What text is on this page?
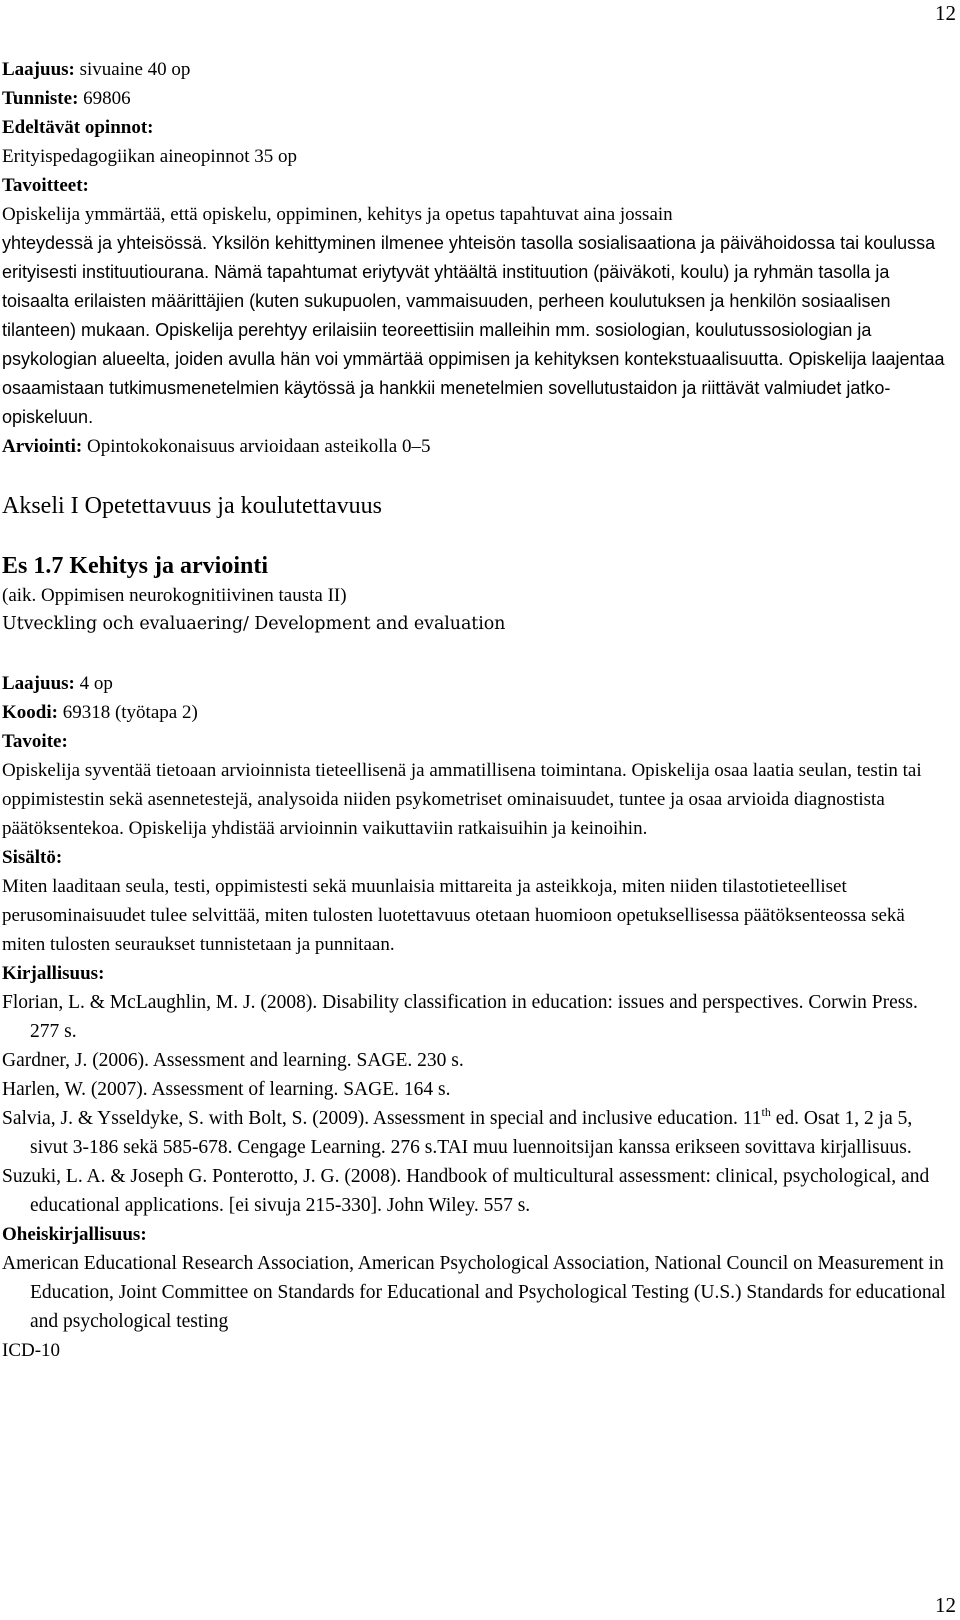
12

Laajuus: sivuaine 40 op

Tunniste: 69806

Edeltävät opinnot:

Erityispedagogiikan aineopinnot 35 op

Tavoitteet:

Opiskelija ymmärtää, että opiskelu, oppiminen, kehitys ja opetus tapahtuvat aina jossain

yhteydessä ja yhteisössä. Yksilön kehittyminen ilmenee yhteisön tasolla sosialisaationa ja päivähoidossa tai koulussa erityisesti instituutiourana. Nämä tapahtumat eriytyvät yhtäältä instituution (päiväkoti, koulu) ja ryhmän tasolla ja toisaalta erilaisten määrittäjien (kuten sukupuolen, vammaisuuden, perheen koulutuksen ja henkilön sosiaalisen tilanteen) mukaan. Opiskelija perehtyy erilaisiin teoreettisiin malleihin mm. sosiologian, koulutussosiologian ja psykologian alueelta, joiden avulla hän voi ymmärtää oppimisen ja kehityksen kontekstuaalisuutta. Opiskelija laajentaa osaamistaan tutkimusmenetelmien käytössä ja hankkii menetelmien sovellutustaidon ja riittävät valmiudet jatko-opiskeluun.

Arviointi: Opintokokonaisuus arvioidaan asteikolla 0–5

Akseli I Opetettavuus ja koulutettavuus
Es 1.7 Kehitys ja arviointi

(aik. Oppimisen neurokognitiivinen tausta II)

Utveckling och evaluaering/ Development and evaluation

Laajuus: 4 op

Koodi: 69318 (työtapa 2)

Tavoite:

Opiskelija syventää tietoaan arvioinnista tieteellisenä ja ammatillisena toimintana. Opiskelija osaa laatia seulan, testin tai oppimistestin sekä asennetestejä, analysoida niiden psykometriset ominaisuudet, tuntee ja osaa arvioida diagnostista päätöksentekoa. Opiskelija yhdistää arvioinnin vaikuttaviin ratkaisuihin ja keinoihin.

Sisältö:

Miten laaditaan seula, testi, oppimistesti sekä muunlaisia mittareita ja asteikkoja, miten niiden tilastotieteelliset perusominaisuudet tulee selvittää, miten tulosten luotettavuus otetaan huomioon opetuksellisessa päätöksenteossa sekä miten tulosten seuraukset tunnistetaan ja punnitaan.

Kirjallisuus:

Florian, L. & McLaughlin, M. J. (2008). Disability classification in education: issues and perspectives. Corwin Press. 277 s.

Gardner, J. (2006). Assessment and learning. SAGE. 230 s.

Harlen, W. (2007). Assessment of learning. SAGE. 164 s.

Salvia, J. & Ysseldyke, S. with Bolt, S. (2009). Assessment in special and inclusive education. 11th ed. Osat 1, 2 ja 5, sivut 3-186 sekä 585-678. Cengage Learning. 276 s.TAI muu luennoitsijan kanssa erikseen sovittava kirjallisuus.

Suzuki, L. A. & Joseph G. Ponterotto, J. G. (2008). Handbook of multicultural assessment: clinical, psychological, and educational applications. [ei sivuja 215-330]. John Wiley. 557 s.

Oheiskirjallisuus:

American Educational Research Association, American Psychological Association, National Council on Measurement in Education, Joint Committee on Standards for Educational and Psychological Testing (U.S.) Standards for educational and psychological testing

ICD-10

12
